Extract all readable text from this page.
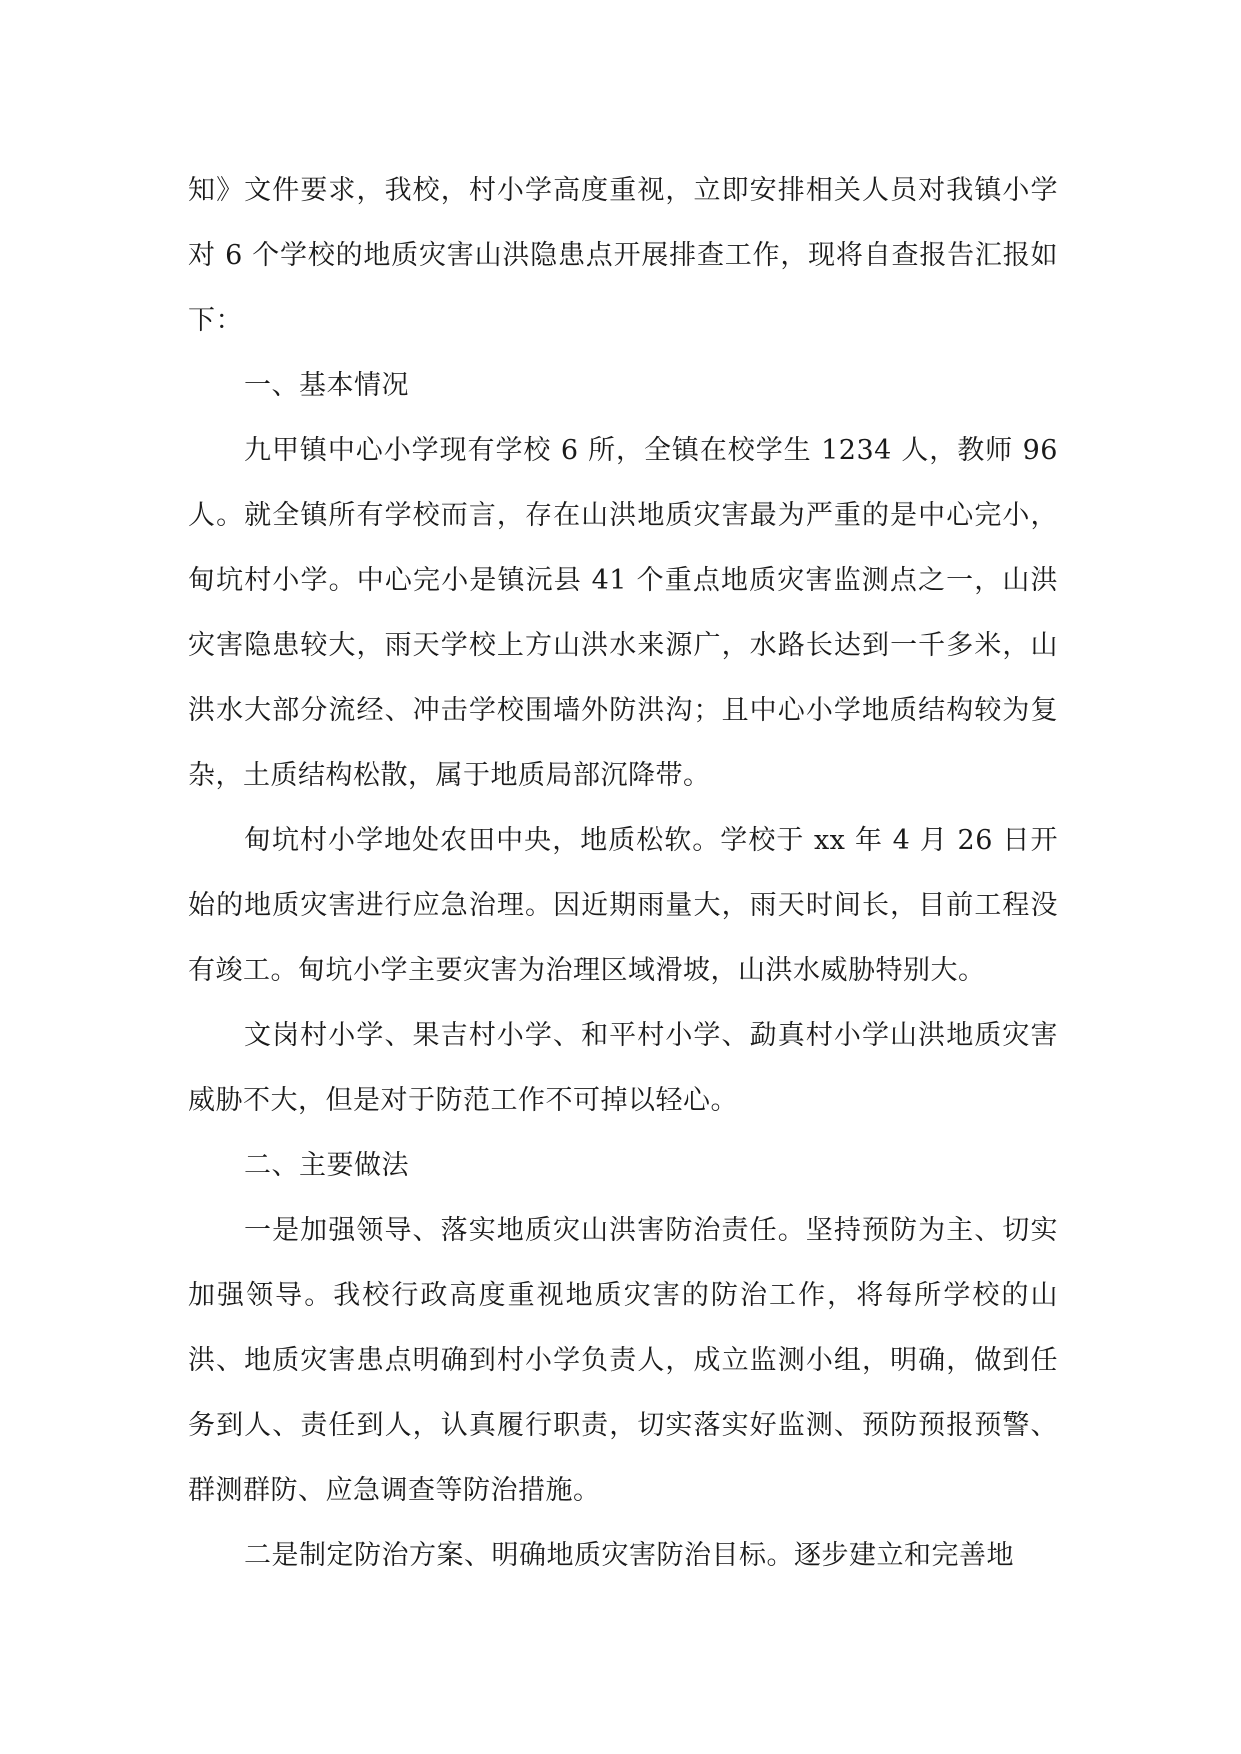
知》文件要求，我校，村小学高度重视，立即安排相关人员对我镇小学对 6 个学校的地质灾害山洪隐患点开展排查工作，现将自查报告汇报如下：

一、基本情况

九甲镇中心小学现有学校 6 所，全镇在校学生 1234 人，教师 96 人。就全镇所有学校而言，存在山洪地质灾害最为严重的是中心完小，甸坑村小学。中心完小是镇沅县 41 个重点地质灾害监测点之一，山洪灾害隐患较大，雨天学校上方山洪水来源广，水路长达到一千多米，山洪水大部分流经、冲击学校围墙外防洪沟；且中心小学地质结构较为复杂，土质结构松散，属于地质局部沉降带。

甸坑村小学地处农田中央，地质松软。学校于 xx 年 4 月 26 日开始的地质灾害进行应急治理。因近期雨量大，雨天时间长，目前工程没有竣工。甸坑小学主要灾害为治理区域滑坡，山洪水威胁特别大。

文岗村小学、果吉村小学、和平村小学、勐真村小学山洪地质灾害威胁不大，但是对于防范工作不可掉以轻心。

二、主要做法

一是加强领导、落实地质灾山洪害防治责任。坚持预防为主、切实加强领导。我校行政高度重视地质灾害的防治工作，将每所学校的山洪、地质灾害患点明确到村小学负责人，成立监测小组，明确，做到任务到人、责任到人，认真履行职责，切实落实好监测、预防预报预警、群测群防、应急调查等防治措施。

二是制定防治方案、明确地质灾害防治目标。逐步建立和完善地
